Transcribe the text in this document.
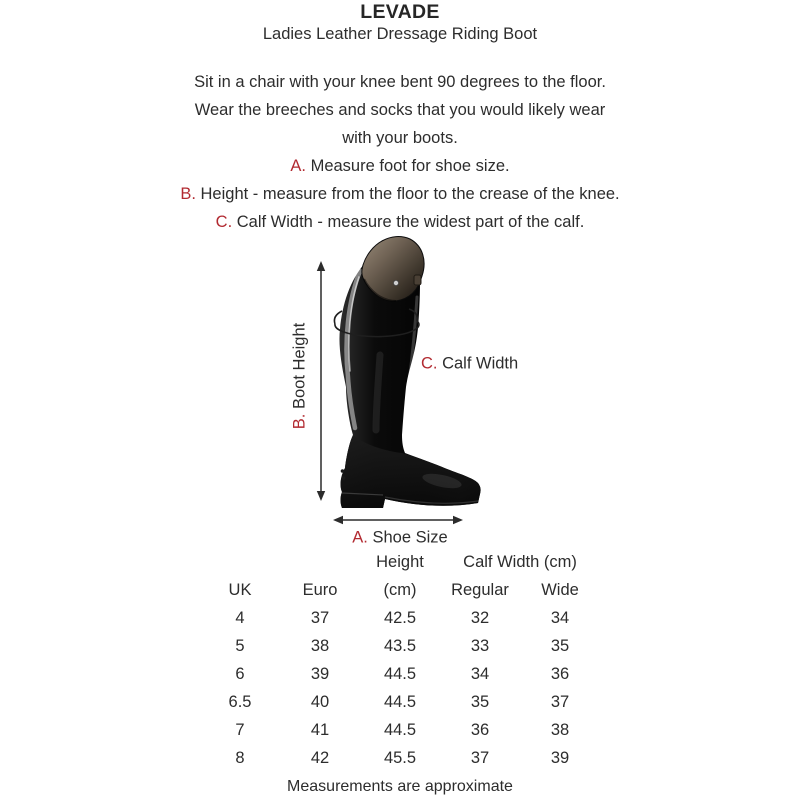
LEVADE
Ladies Leather Dressage Riding Boot
Sit in a chair with your knee bent 90 degrees to the floor.
Wear the breeches and socks that you would likely wear
with your boots.
A. Measure foot for shoe size.
B. Height - measure from the floor to the crease of the knee.
C. Calf Width - measure the widest part of the calf.
B. Boot Height	C. Calf Width
A. Shoe Size
Height	Calf Width (cm)
UK	Euro	(cm)	Regular	Wide
4	37	42.5	32	34
5	38	43.5	33	35
6	39	44.5	34	36
6.5	40	44.5	35	37
7	41	44.5	36	38
8	42	45.5	37	39
Measurements are approximate
